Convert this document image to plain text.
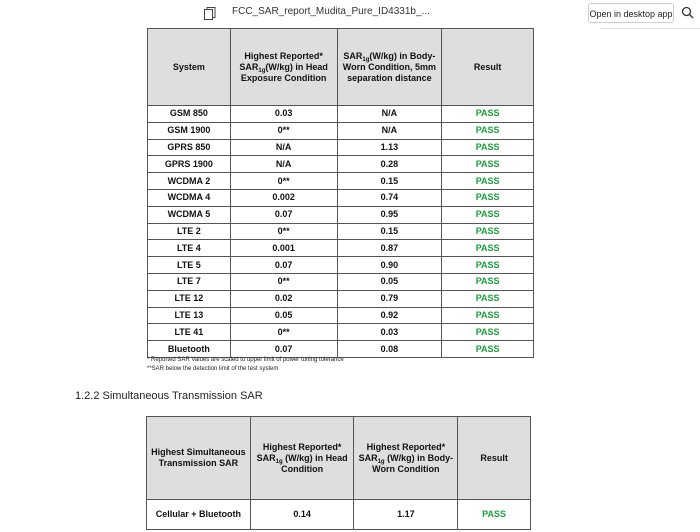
FCC_SAR_report_Mudita_Pure_ID4331b_...	Open in desktop app
System	Highest Reported* $SAR_{1g}(W/kg)$ in Head Exposure Condition	$SAR_{1g}(W/kg)$ in Body-Worn Condition, 5mm separation distance	Result
GSM 850	0.03	N/A	PASS
GSM 1900	0**	N/A	PASS
GPRS 850	N/A	1.13	PASS
GPRS 1900	N/A	0.28	PASS
WCDMA 2	0**	0.15	PASS
WCDMA 4	0.002	0.74	PASS
WCDMA 5	0.07	0.95	PASS
LTE 2	0**	0.15	PASS
LTE 4	0.001	0.87	PASS
LTE 5	0.07	0.90	PASS
LTE 7	0**	0.05	PASS
LTE 12	0.02	0.79	PASS
LTE 13	0.05	0.92	PASS
LTE 41	0**	0.03	PASS
Bluetooth	0.07	0.08	PASS
* Reported SAR Values are scaled to upper limit of power tuning tolerance
**SAR below the detection limit of the test system
1.2.2 Simultaneous Transmission SAR
Highest Simultaneous Transmission SAR	Highest Reported* $SAR_{1g}$ (W/kg) in Head Condition	Highest Reported* $SAR_{1g}$ (W/kg) in Body-Worn Condition	Result
Cellular + Bluetooth	0.14	1.17	PASS
